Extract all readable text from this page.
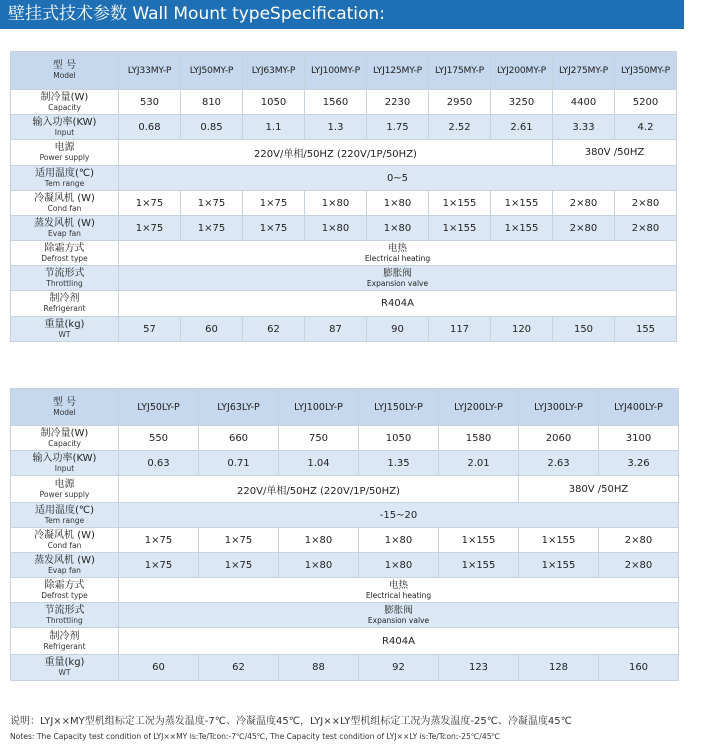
壁挂式技术参数 Wall Mount typeSpecification:
型 号
Model	LYJ33MY-P	LYJ50MY-P	LYJ63MY-P	LYJ100MY-P	LYJ125MY-P	LYJ175MY-P	LYJ200MY-P	LYJ275MY-P	LYJ350MY-P

制冷量(W)
Capacity	530	810	1050	1560	2230	2950	3250	4400	5200

输入功率(KW)
Input	0.68	0.85	1.1	1.3	1.75	2.52	2.61	3.33	4.2

电源
Power supply	220V/单相/50HZ (220V/1P/50HZ)							380V /50HZ	

适用温度(℃)
Tem range	0~5								

冷凝风机 (W)
Cond fan	1×75	1×75	1×75	1×80	1×80	1×155	1×155	2×80	2×80

蒸发风机 (W)
Evap fan	1×75	1×75	1×75	1×80	1×80	1×155	1×155	2×80	2×80

除霜方式
Defrost type	电热
Electrical heating								

节流形式
Throttling	膨胀阀
Expansion valve								

制冷剂
Refrigerant	R404A								

重量(kg)
WT	57	60	62	87	90	117	120	150	155
型 号
Model	LYJ50LY-P	LYJ63LY-P	LYJ100LY-P	LYJ150LY-P	LYJ200LY-P	LYJ300LY-P	LYJ400LY-P

制冷量(W)
Capacity	550	660	750	1050	1580	2060	3100

输入功率(KW)
Input	0.63	0.71	1.04	1.35	2.01	2.63	3.26

电源
Power supply	220V/单相/50HZ (220V/1P/50HZ)					380V /50HZ	

适用温度(℃)
Tem range	-15~20						

冷凝风机 (W)
Cond fan	1×75	1×75	1×80	1×80	1×155	1×155	2×80

蒸发风机 (W)
Evap fan	1×75	1×75	1×80	1×80	1×155	1×155	2×80

除霜方式
Defrost type	电热
Electrical heating						

节流形式
Throttling	膨胀阀
Expansion valve						

制冷剂
Refrigerant	R404A						

重量(kg)
WT	60	62	88	92	123	128	160
说明：LYJ××MY型机组标定工况为蒸发温度-7℃、冷凝温度45℃，LYJ××LY型机组标定工况为蒸发温度-25℃、冷凝温度45℃
Notes: The Capacity test condition of LYJ××MY is:Te/Tcon:-7℃/45℃, The Capacity test condition of LYJ××LY is:Te/Tcon:-25℃/45℃
